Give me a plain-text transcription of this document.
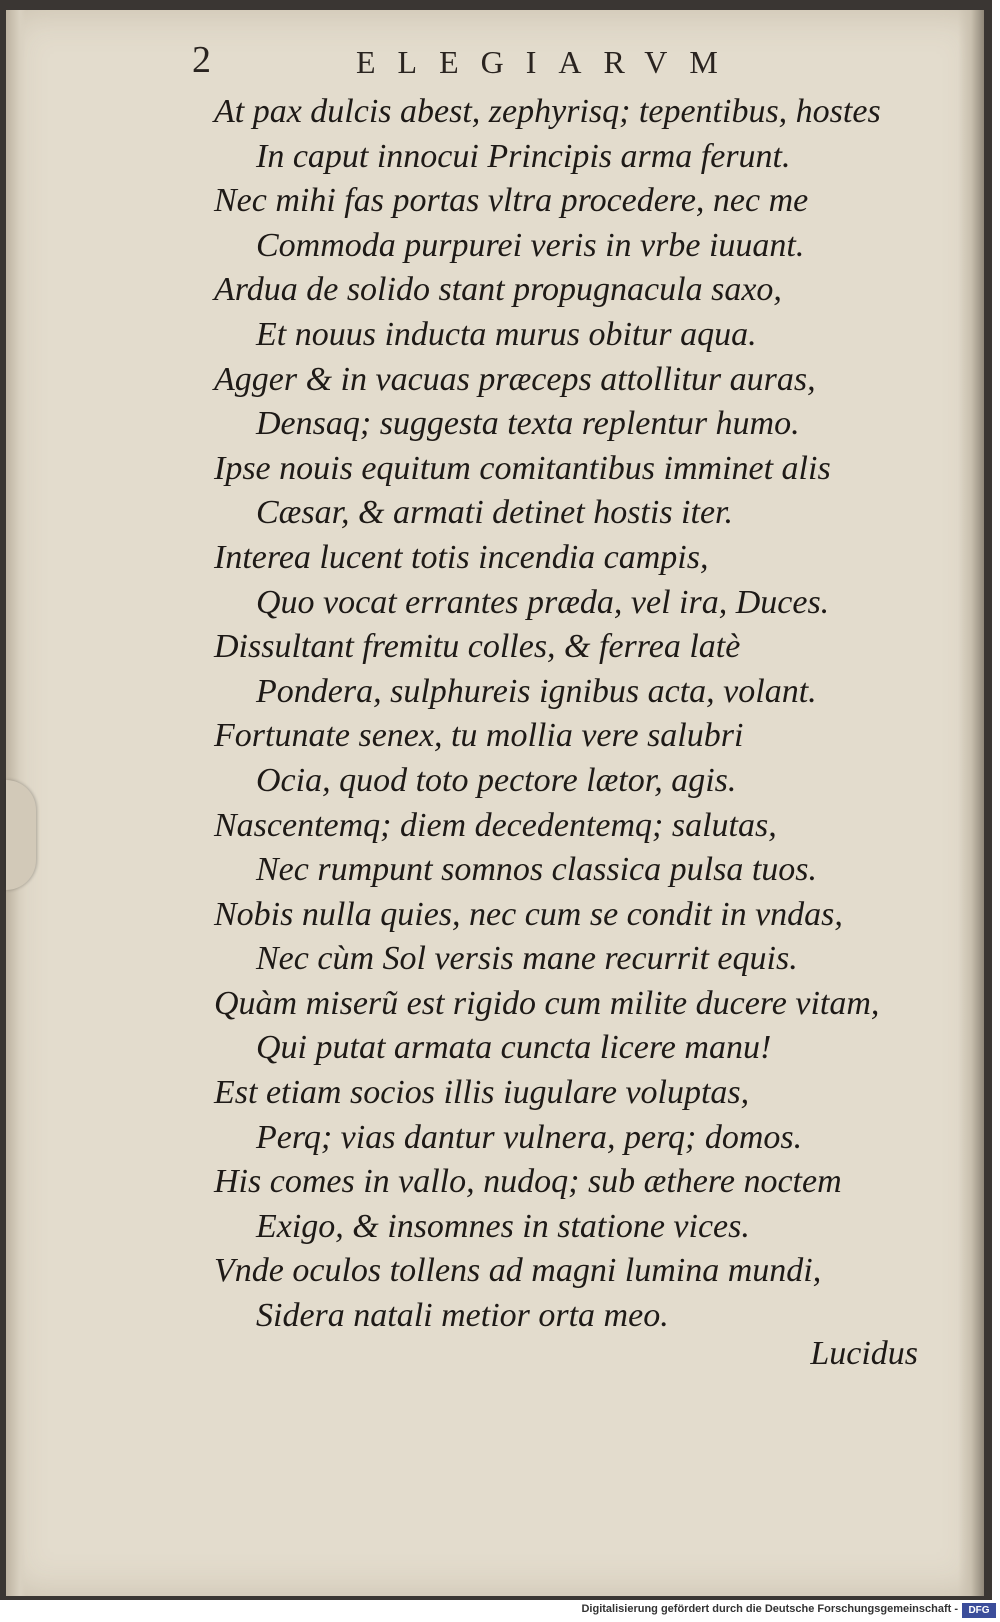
2	ELEGIARVM
At pax dulcis abest, zephyrisq; tepentibus, hostes
In caput innocui Principis arma ferunt.
Nec mihi fas portas vltra procedere, nec me
Commoda purpurei veris in vrbe iuuant.
Ardua de solido stant propugnacula saxo,
Et nouus inducta murus obitur aqua.
Agger & in vacuas præceps attollitur auras,
Densaq; suggesta texta replentur humo.
Ipse nouis equitum comitantibus imminet alis
Cæsar, & armati detinet hostis iter.
Interea lucent totis incendia campis,
Quo vocat errantes præda, vel ira, Duces.
Dissultant fremitu colles, & ferrea latè
Pondera, sulphureis ignibus acta, volant.
Fortunate senex, tu mollia vere salubri
Ocia, quod toto pectore lætor, agis.
Nascentemq; diem decedentemq; salutas,
Nec rumpunt somnos classica pulsa tuos.
Nobis nulla quies, nec cum se condit in vndas,
Nec cùm Sol versis mane recurrit equis.
Quàm miserũ est rigido cum milite ducere vitam,
Qui putat armata cuncta licere manu!
Est etiam socios illis iugulare voluptas,
Perq; vias dantur vulnera, perq; domos.
His comes in vallo, nudoq; sub æthere noctem
Exigo, & insomnes in statione vices.
Vnde oculos tollens ad magni lumina mundi,
Sidera natali metior orta meo.
Lucidus
Digitalisierung gefördert durch die Deutsche Forschungsgemeinschaft -	DFG
